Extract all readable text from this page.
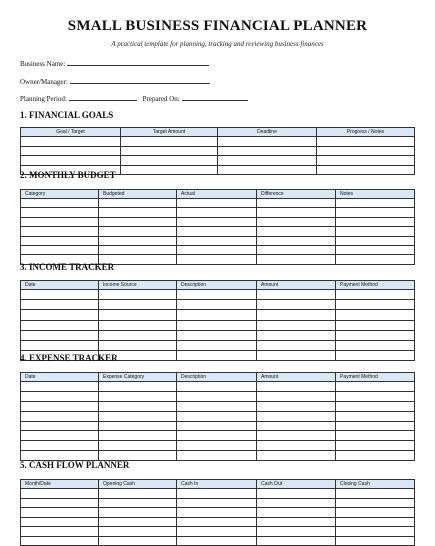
SMALL BUSINESS FINANCIAL PLANNER
A practical template for planning, tracking and reviewing business finances
Business Name:
Owner/Manager:
Planning Period:	Prepared On:
1. FINANCIAL GOALS
Goal / Target	Target Amount	Deadline	Progress / Notes

2. MONTHLY BUDGET
Category	Budgeted	Actual	Difference	Notes

3. INCOME TRACKER
Date	Income Source	Description	Amount	Payment Method

4. EXPENSE TRACKER
Date	Expense Category	Description	Amount	Payment Method

5. CASH FLOW PLANNER
Month/Date	Opening Cash	Cash In	Cash Out	Closing Cash
